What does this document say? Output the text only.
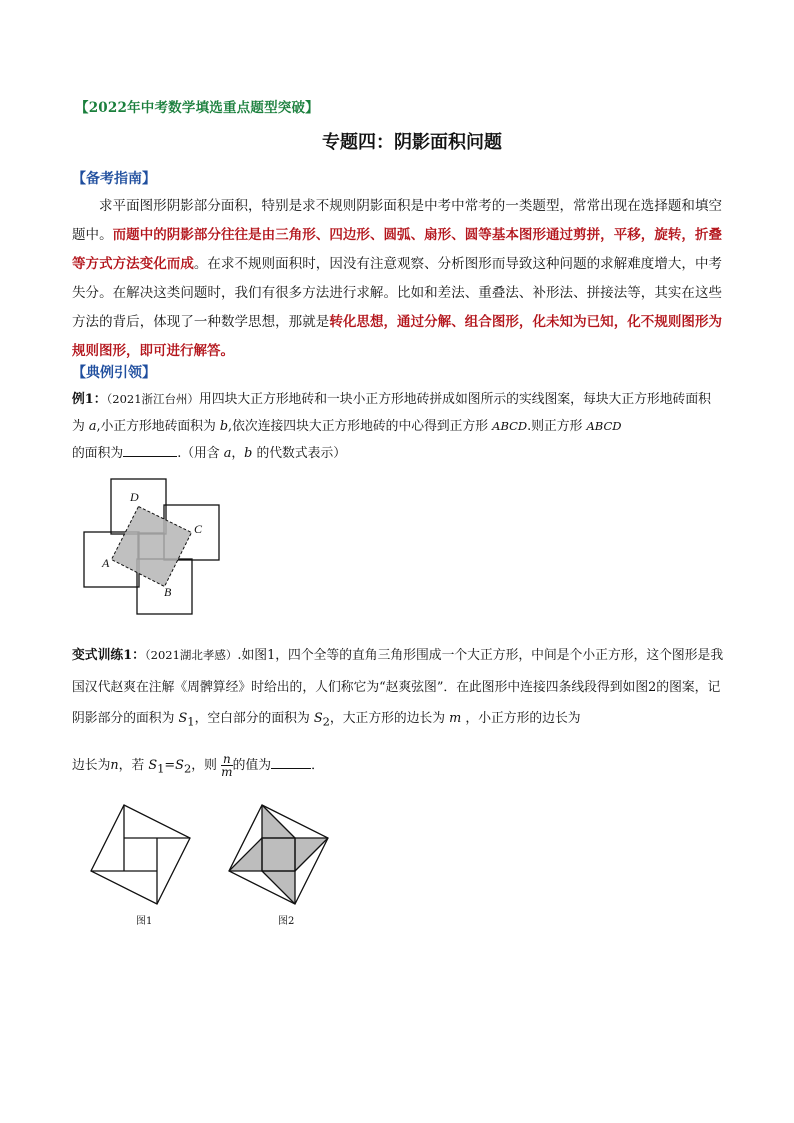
【2022年中考数学填选重点题型突破】
专题四：阴影面积问题
【备考指南】
求平面图形阴影部分面积，特别是求不规则阴影面积是中考中常考的一类题型，常常出现在选择题和填空题中。而题中的阴影部分往往是由三角形、四边形、圆弧、扇形、圆等基本图形通过剪拼，平移，旋转，折叠等方式方法变化而成。在求不规则面积时，因没有注意观察、分析图形而导致这种问题的求解难度增大，中考失分。在解决这类问题时，我们有很多方法进行求解。比如和差法、重叠法、补形法、拼接法等，其实在这些方法的背后，体现了一种数学思想，那就是转化思想，通过分解、组合图形，化未知为已知，化不规则图形为规则图形，即可进行解答。
【典例引领】
例1：（2021浙江台州）用四块大正方形地砖和一块小正方形地砖拼成如图所示的实线图案，每块大正方形地砖面积为 a,小正方形地砖面积为 b,依次连接四块大正方形地砖的中心得到正方形 ABCD.则正方形 ABCD
的面积为	.（用含 a，b 的代数式表示）
D
C
A
B
变式训练1：（2021湖北孝感）.如图1，四个全等的直角三角形围成一个大正方形，中间是个小正方形，这个图形是我国汉代赵爽在注解《周髀算经》时给出的，人们称它为“赵爽弦图”．在此图形中连接四条线段得到如图2的图案，记阴影部分的面积为 $S_1$，空白部分的面积为 $S_2$，大正方形的边长为 m ，小正方形的边长为

边长为n，若 $S_1=S_2$，则 $\frac{n}{m}$ 的值为	．
图1	图2
